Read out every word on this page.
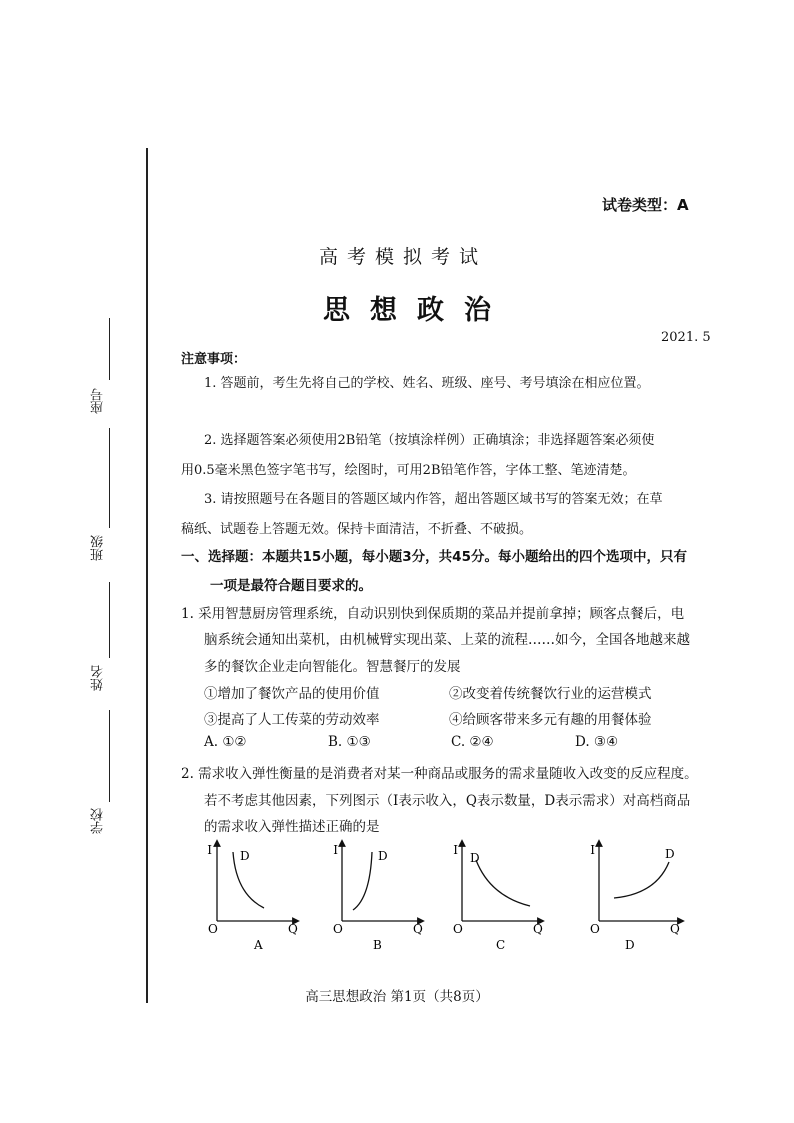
座号
班级
姓名
学校
试卷类型：A
高考模拟考试
思想政治
2021. 5
注意事项：
1. 答题前，考生先将自己的学校、姓名、班级、座号、考号填涂在相应位置。
2. 选择题答案必须使用2B铅笔（按填涂样例）正确填涂；非选择题答案必须使
用0.5毫米黑色签字笔书写，绘图时，可用2B铅笔作答，字体工整、笔迹清楚。
3. 请按照题号在各题目的答题区域内作答，超出答题区域书写的答案无效；在草
稿纸、试题卷上答题无效。保持卡面清洁，不折叠、不破损。
一、选择题：本题共15小题，每小题3分，共45分。每小题给出的四个选项中，只有
一项是最符合题目要求的。
1. 采用智慧厨房管理系统，自动识别快到保质期的菜品并提前拿掉；顾客点餐后，电
脑系统会通知出菜机，由机械臂实现出菜、上菜的流程……如今，全国各地越来越
多的餐饮企业走向智能化。智慧餐厅的发展
①增加了餐饮产品的使用价值	②改变着传统餐饮行业的运营模式
③提高了人工传菜的劳动效率	④给顾客带来多元有趣的用餐体验
A. ①②	B. ①③	C. ②④	D. ③④
2. 需求收入弹性衡量的是消费者对某一种商品或服务的需求量随收入改变的反应程度。
若不考虑其他因素，下列图示（I表示收入，Q表示数量，D表示需求）对高档商品
的需求收入弹性描述正确的是
I
O	Q
D
A
I
O	Q
D
B
I
O	Q
D
C
I
O	Q
D
D
高三思想政治 第1页（共8页）
